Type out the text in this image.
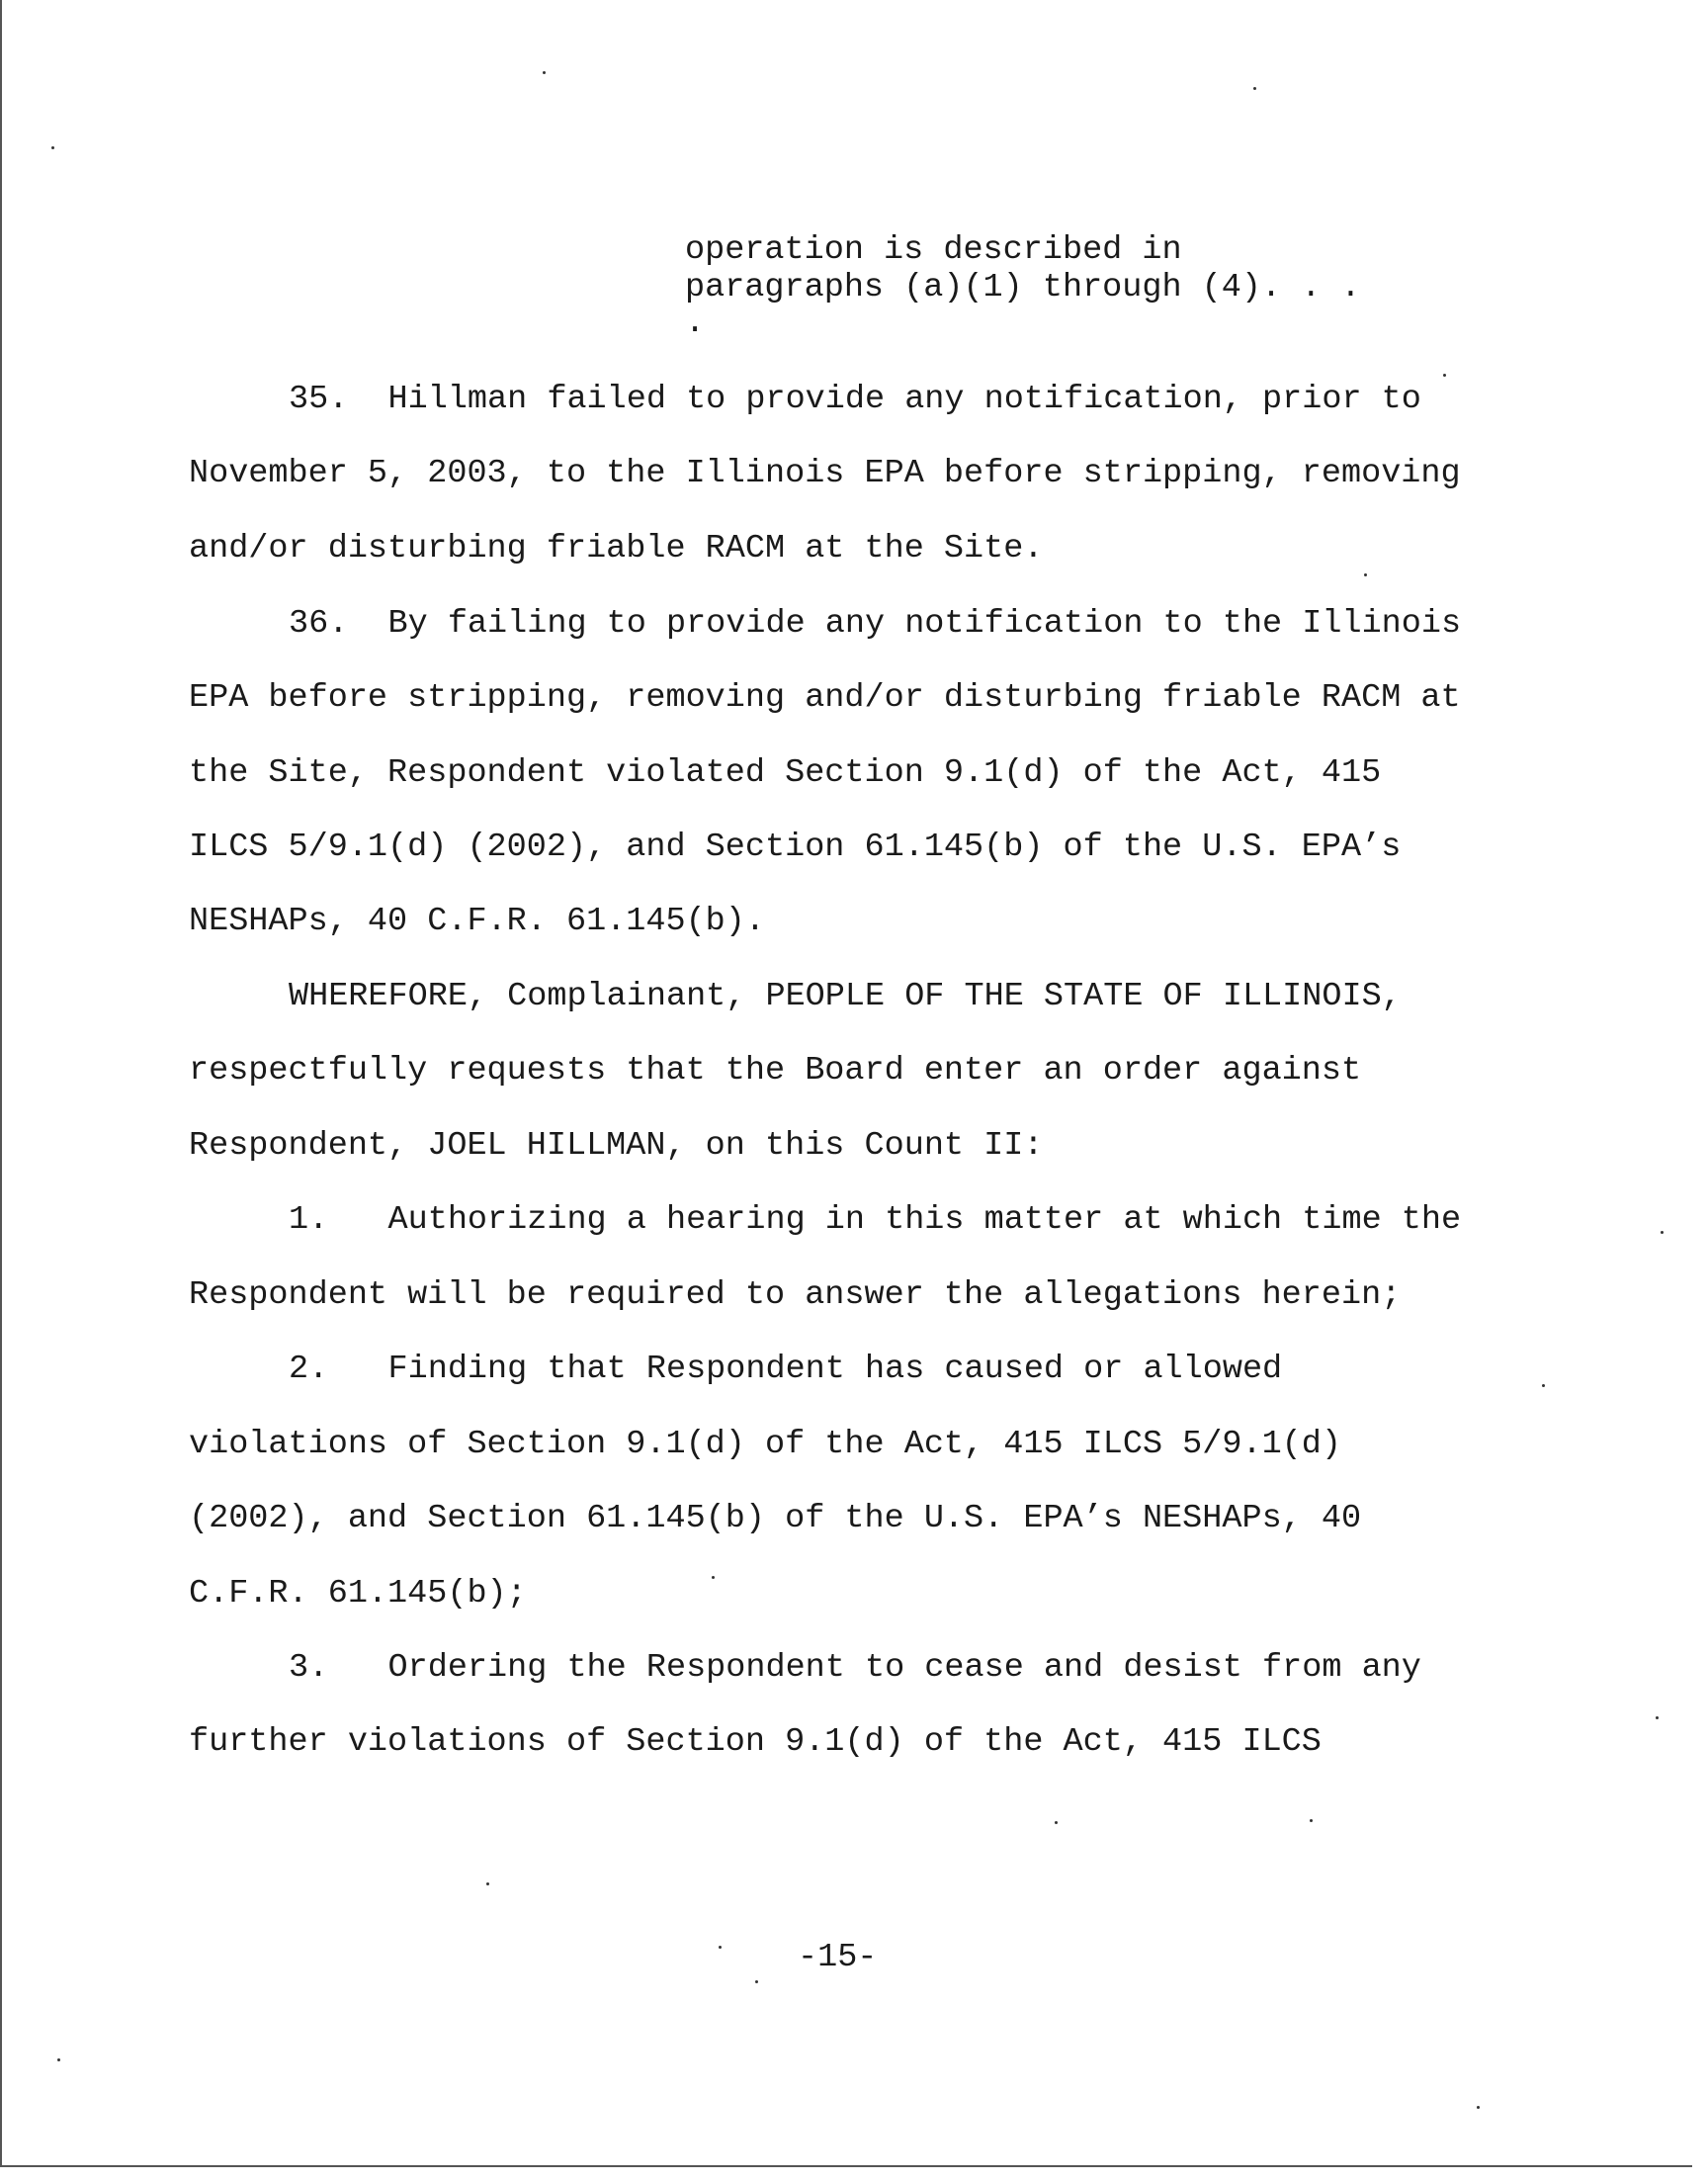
operation is described in
paragraphs (a)(1) through (4). . .
.
35.  Hillman failed to provide any notification, prior to
November 5, 2003, to the Illinois EPA before stripping, removing
and/or disturbing friable RACM at the Site.
36.  By failing to provide any notification to the Illinois
EPA before stripping, removing and/or disturbing friable RACM at
the Site, Respondent violated Section 9.1(d) of the Act, 415
ILCS 5/9.1(d) (2002), and Section 61.145(b) of the U.S. EPA’s
NESHAPs, 40 C.F.R. 61.145(b).
WHEREFORE, Complainant, PEOPLE OF THE STATE OF ILLINOIS,
respectfully requests that the Board enter an order against
Respondent, JOEL HILLMAN, on this Count II:
1.   Authorizing a hearing in this matter at which time the
Respondent will be required to answer the allegations herein;
2.   Finding that Respondent has caused or allowed
violations of Section 9.1(d) of the Act, 415 ILCS 5/9.1(d)
(2002), and Section 61.145(b) of the U.S. EPA’s NESHAPs, 40
C.F.R. 61.145(b);
3.   Ordering the Respondent to cease and desist from any
further violations of Section 9.1(d) of the Act, 415 ILCS
-15-
